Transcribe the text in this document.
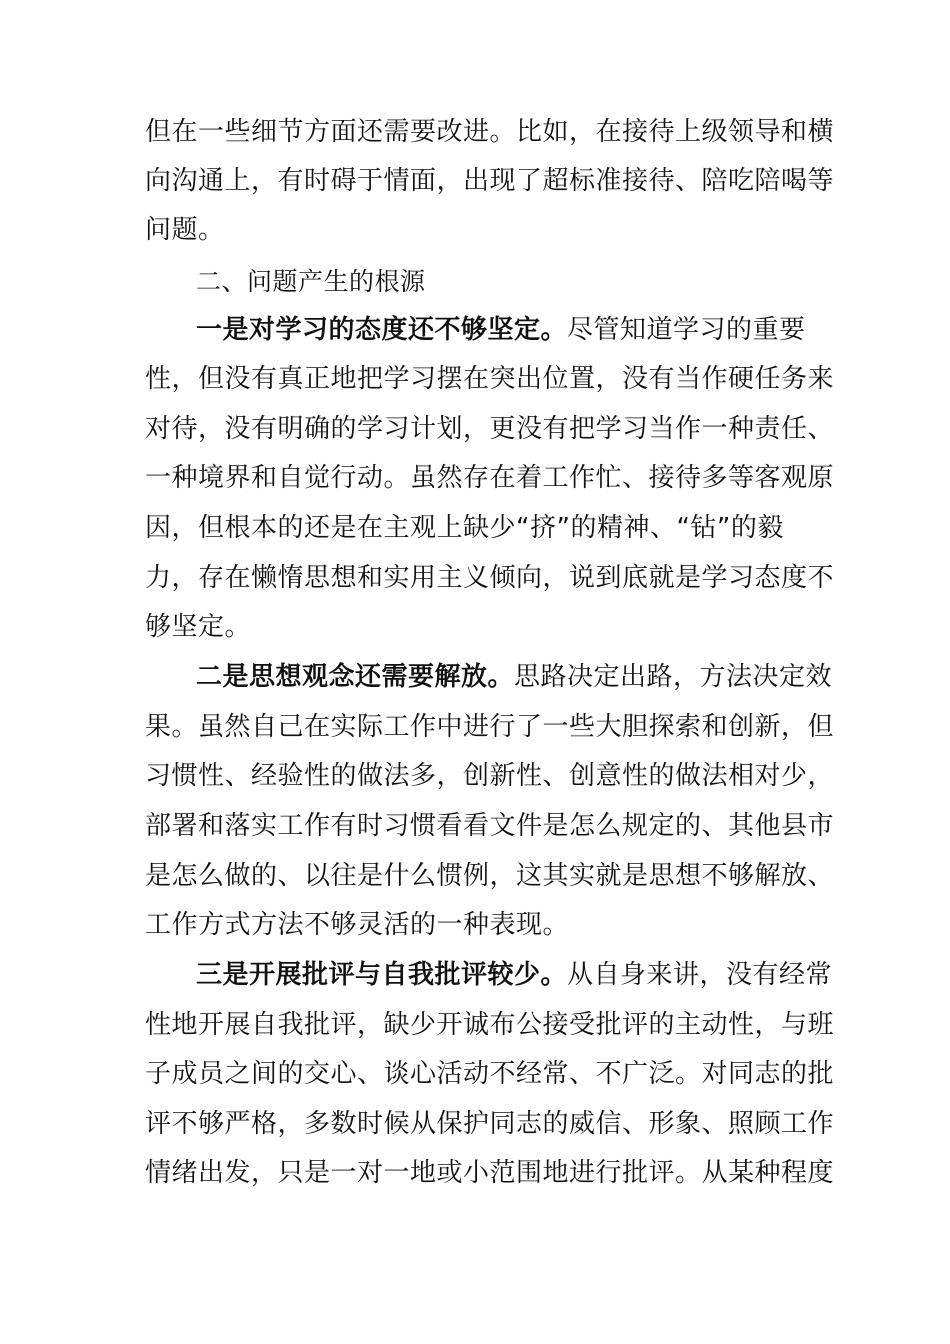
但在一些细节方面还需要改进。比如，在接待上级领导和横
向沟通上，有时碍于情面，出现了超标准接待、陪吃陪喝等
问题。
二、问题产生的根源
一是对学习的态度还不够坚定。尽管知道学习的重要
性，但没有真正地把学习摆在突出位置，没有当作硬任务来
对待，没有明确的学习计划，更没有把学习当作一种责任、
一种境界和自觉行动。虽然存在着工作忙、接待多等客观原
因，但根本的还是在主观上缺少“挤”的精神、“钻”的毅
力，存在懒惰思想和实用主义倾向，说到底就是学习态度不
够坚定。
二是思想观念还需要解放。思路决定出路，方法决定效
果。虽然自己在实际工作中进行了一些大胆探索和创新，但
习惯性、经验性的做法多，创新性、创意性的做法相对少，
部署和落实工作有时习惯看看文件是怎么规定的、其他县市
是怎么做的、以往是什么惯例，这其实就是思想不够解放、
工作方式方法不够灵活的一种表现。
三是开展批评与自我批评较少。从自身来讲，没有经常
性地开展自我批评，缺少开诚布公接受批评的主动性，与班
子成员之间的交心、谈心活动不经常、不广泛。对同志的批
评不够严格，多数时候从保护同志的威信、形象、照顾工作
情绪出发，只是一对一地或小范围地进行批评。从某种程度
